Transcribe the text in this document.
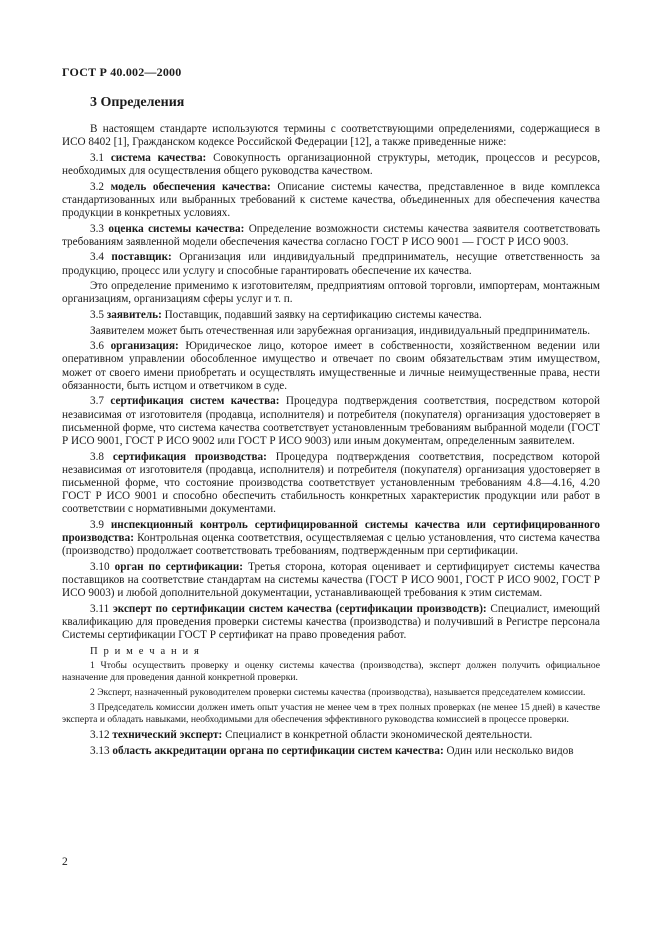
ГОСТ Р 40.002—2000
3 Определения

В настоящем стандарте используются термины с соответствующими определениями, содержащиеся в ИСО 8402 [1], Гражданском кодексе Российской Федерации [12], а также приведенные ниже:

3.1 система качества: Совокупность организационной структуры, методик, процессов и ресурсов, необходимых для осуществления общего руководства качеством.

3.2 модель обеспечения качества: Описание системы качества, представленное в виде комплекса стандартизованных или выбранных требований к системе качества, объединенных для обеспечения качества продукции в конкретных условиях.

3.3 оценка системы качества: Определение возможности системы качества заявителя соответствовать требованиям заявленной модели обеспечения качества согласно ГОСТ Р ИСО 9001 — ГОСТ Р ИСО 9003.

3.4 поставщик: Организация или индивидуальный предприниматель, несущие ответственность за продукцию, процесс или услугу и способные гарантировать обеспечение их качества.

Это определение применимо к изготовителям, предприятиям оптовой торговли, импортерам, монтажным организациям, организациям сферы услуг и т. п.

3.5 заявитель: Поставщик, подавший заявку на сертификацию системы качества.

Заявителем может быть отечественная или зарубежная организация, индивидуальный предприниматель.

3.6 организация: Юридическое лицо, которое имеет в собственности, хозяйственном ведении или оперативном управлении обособленное имущество и отвечает по своим обязательствам этим имуществом, может от своего имени приобретать и осуществлять имущественные и личные неимущественные права, нести обязанности, быть истцом и ответчиком в суде.

3.7 сертификация систем качества: Процедура подтверждения соответствия, посредством которой независимая от изготовителя (продавца, исполнителя) и потребителя (покупателя) организация удостоверяет в письменной форме, что система качества соответствует установленным требованиям выбранной модели (ГОСТ Р ИСО 9001, ГОСТ Р ИСО 9002 или ГОСТ Р ИСО 9003) или иным документам, определенным заявителем.

3.8 сертификация производства: Процедура подтверждения соответствия, посредством которой независимая от изготовителя (продавца, исполнителя) и потребителя (покупателя) организация удостоверяет в письменной форме, что состояние производства соответствует установленным требованиям 4.8—4.16, 4.20 ГОСТ Р ИСО 9001 и способно обеспечить стабильность конкретных характеристик продукции или работ в соответствии с нормативными документами.

3.9 инспекционный контроль сертифицированной системы качества или сертифицированного производства: Контрольная оценка соответствия, осуществляемая с целью установления, что система качества (производство) продолжает соответствовать требованиям, подтвержденным при сертификации.

3.10 орган по сертификации: Третья сторона, которая оценивает и сертифицирует системы качества поставщиков на соответствие стандартам на системы качества (ГОСТ Р ИСО 9001, ГОСТ Р ИСО 9002, ГОСТ Р ИСО 9003) и любой дополнительной документации, устанавливающей требования к этим системам.

3.11 эксперт по сертификации систем качества (сертификации производств): Специалист, имеющий квалификацию для проведения проверки системы качества (производства) и получивший в Регистре персонала Системы сертификации ГОСТ Р сертификат на право проведения работ.

П р и м е ч а н и я
1 Чтобы осуществить проверку и оценку системы качества (производства), эксперт должен получить официальное назначение для проведения данной конкретной проверки.
2 Эксперт, назначенный руководителем проверки системы качества (производства), называется председателем комиссии.
3 Председатель комиссии должен иметь опыт участия не менее чем в трех полных проверках (не менее 15 дней) в качестве эксперта и обладать навыками, необходимыми для обеспечения эффективного руководства комиссией в процессе проверки.

3.12 технический эксперт: Специалист в конкретной области экономической деятельности.

3.13 область аккредитации органа по сертификации систем качества: Один или несколько видов

2
